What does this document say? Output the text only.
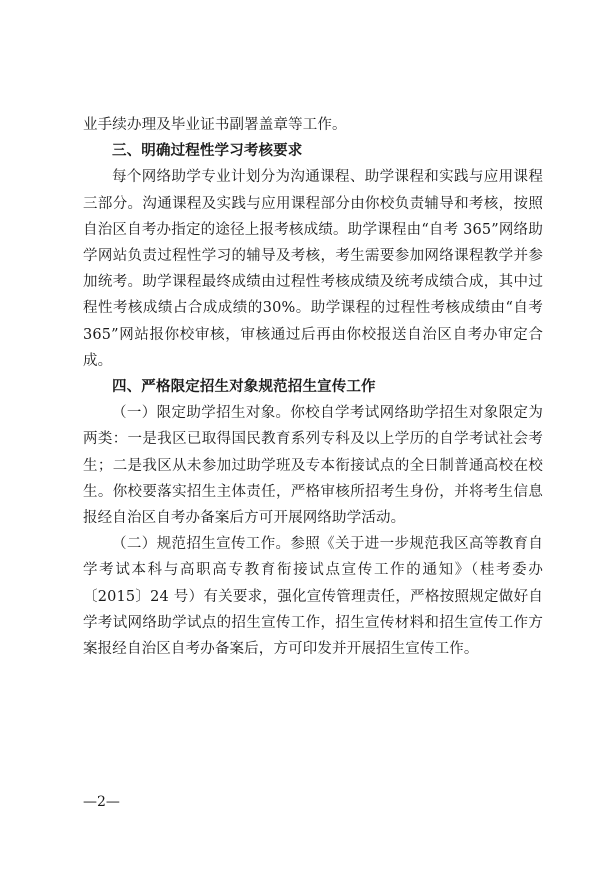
业手续办理及毕业证书副署盖章等工作。

三、明确过程性学习考核要求

每个网络助学专业计划分为沟通课程、助学课程和实践与应用课程三部分。沟通课程及实践与应用课程部分由你校负责辅导和考核，按照自治区自考办指定的途径上报考核成绩。助学课程由“自考 365”网络助学网站负责过程性学习的辅导及考核，考生需要参加网络课程教学并参加统考。助学课程最终成绩由过程性考核成绩及统考成绩合成，其中过程性考核成绩占合成成绩的30%。助学课程的过程性考核成绩由“自考 365”网站报你校审核，审核通过后再由你校报送自治区自考办审定合成。

四、严格限定招生对象规范招生宣传工作

（一）限定助学招生对象。你校自学考试网络助学招生对象限定为两类：一是我区已取得国民教育系列专科及以上学历的自学考试社会考生；二是我区从未参加过助学班及专本衔接试点的全日制普通高校在校生。你校要落实招生主体责任，严格审核所招考生身份，并将考生信息报经自治区自考办备案后方可开展网络助学活动。

（二）规范招生宣传工作。参照《关于进一步规范我区高等教育自学考试本科与高职高专教育衔接试点宣传工作的通知》（桂考委办〔2015〕24 号）有关要求，强化宣传管理责任，严格按照规定做好自学考试网络助学试点的招生宣传工作，招生宣传材料和招生宣传工作方案报经自治区自考办备案后，方可印发并开展招生宣传工作。

—2—
